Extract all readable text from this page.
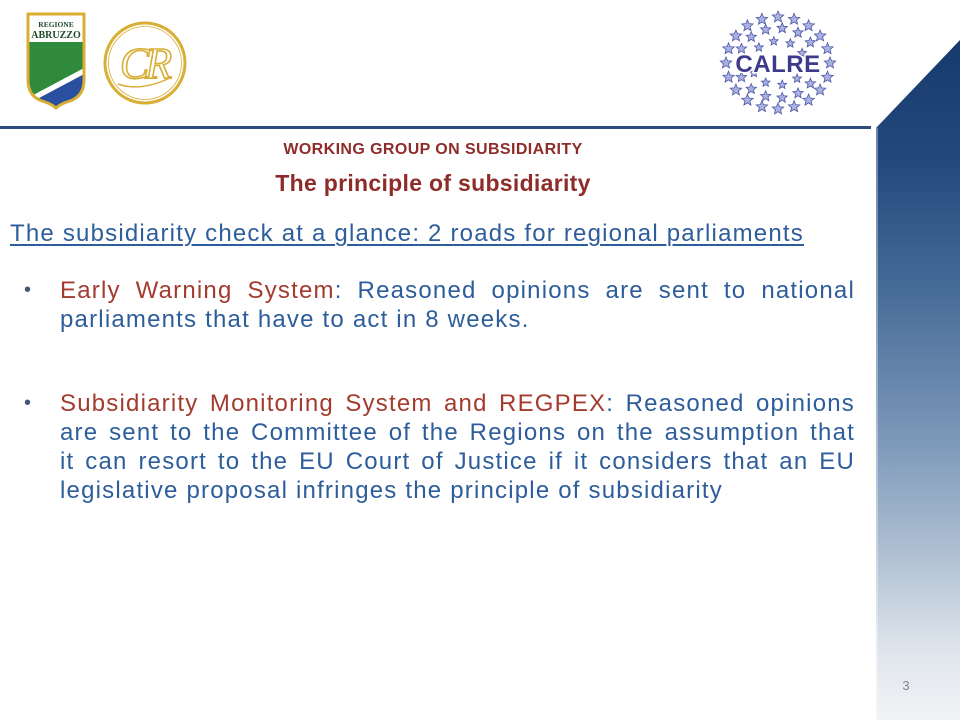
REGIONE
ABRUZZO
CR	CALRE
WORKING GROUP ON SUBSIDIARITY
The principle of subsidiarity
The subsidiarity check at a glance: 2 roads for regional parliaments
• Early Warning System: Reasoned opinions are sent to national
parliaments that have to act in 8 weeks.
• Subsidiarity Monitoring System and REGPEX: Reasoned opinions
are sent to the Committee of the Regions on the assumption that
it can resort to the EU Court of Justice if it considers that an EU
legislative proposal infringes the principle of subsidiarity
3
